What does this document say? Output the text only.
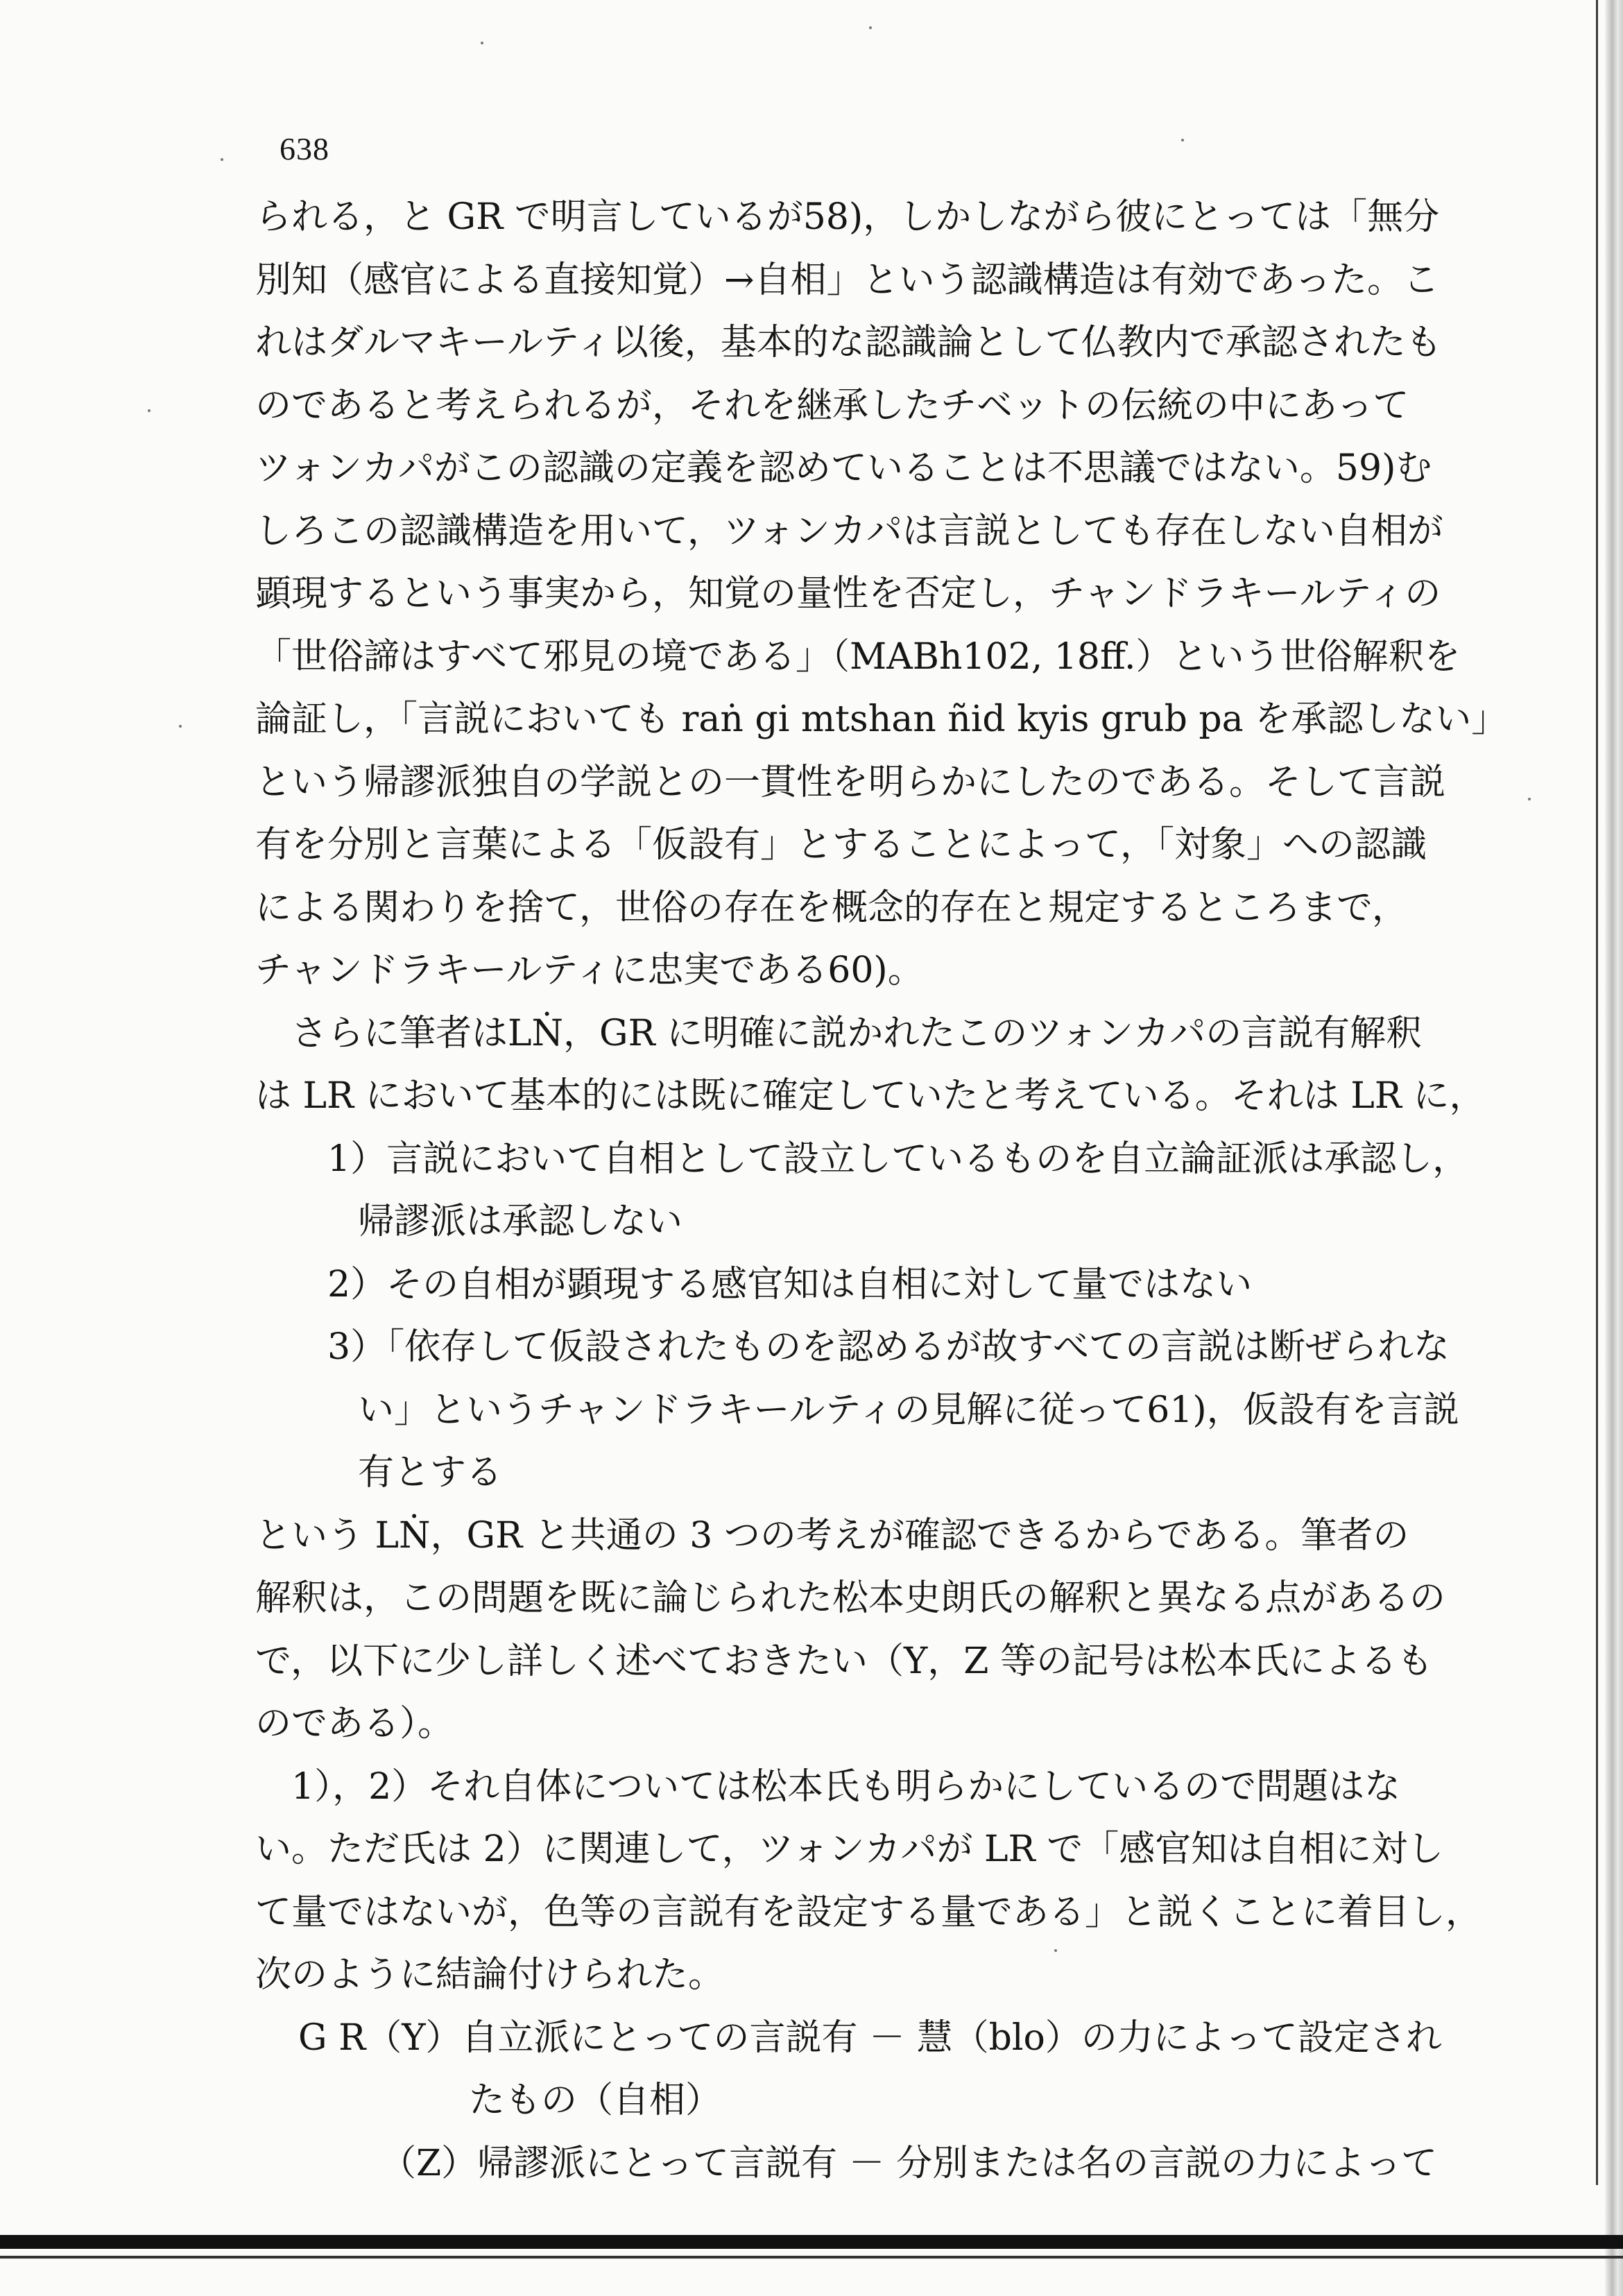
638
られる，と GR で明言しているが58)，しかしながら彼にとっては「無分
別知（感官による直接知覚）→自相」という認識構造は有効であった。こ
れはダルマキールティ以後，基本的な認識論として仏教内で承認されたも
のであると考えられるが，それを継承したチベットの伝統の中にあって
ツォンカパがこの認識の定義を認めていることは不思議ではない。59)む
しろこの認識構造を用いて，ツォンカパは言説としても存在しない自相が
顕現するという事実から，知覚の量性を否定し，チャンドラキールティの
「世俗諦はすべて邪見の境である」（MABh102, 18ff.）という世俗解釈を
論証し，「言説においても raṅ gi mtshan ñid kyis grub pa を承認しない」
という帰謬派独自の学説との一貫性を明らかにしたのである。そして言説
有を分別と言葉による「仮設有」とすることによって，「対象」への認識
による関わりを捨て，世俗の存在を概念的存在と規定するところまで，
チャンドラキールティに忠実である60)。
さらに筆者はLṄ，GR に明確に説かれたこのツォンカパの言説有解釈
は LR において基本的には既に確定していたと考えている。それは LR に，
1）言説において自相として設立しているものを自立論証派は承認し，
帰謬派は承認しない
2）その自相が顕現する感官知は自相に対して量ではない
3）「依存して仮設されたものを認めるが故すべての言説は断ぜられな
い」というチャンドラキールティの見解に従って61)，仮設有を言説
有とする
という LṄ，GR と共通の 3 つの考えが確認できるからである。筆者の
解釈は，この問題を既に論じられた松本史朗氏の解釈と異なる点があるの
で，以下に少し詳しく述べておきたい（Y，Z 等の記号は松本氏によるも
のである）。
1），2）それ自体については松本氏も明らかにしているので問題はな
い。ただ氏は 2）に関連して，ツォンカパが LR で「感官知は自相に対し
て量ではないが，色等の言説有を設定する量である」と説くことに着目し，
次のように結論付けられた。
G R（Y）自立派にとっての言説有 － 慧（blo）の力によって設定され
たもの（自相）
（Z）帰謬派にとって言説有 － 分別または名の言説の力によって
